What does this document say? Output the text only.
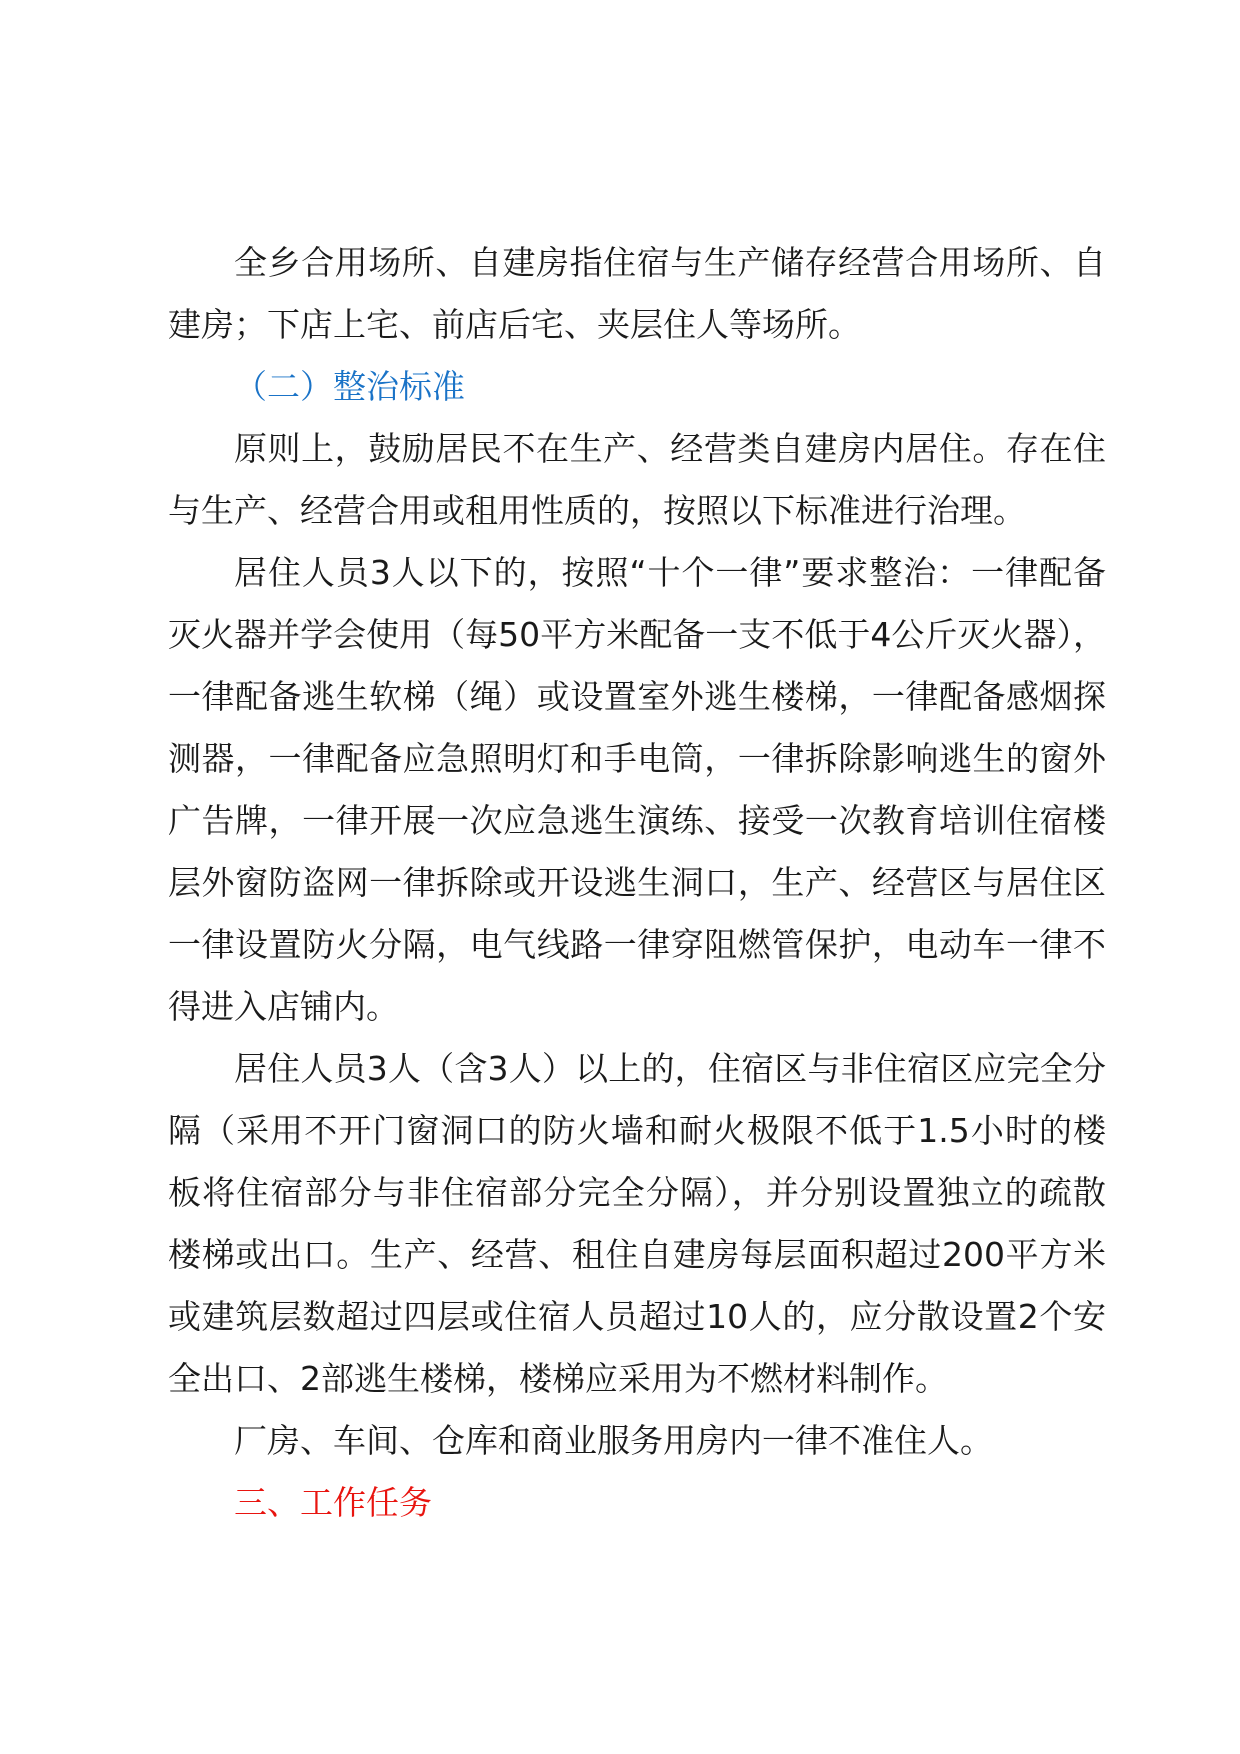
全乡合用场所、自建房指住宿与生产储存经营合用场所、自建房；下店上宅、前店后宅、夹层住人等场所。

（二）整治标准

原则上，鼓励居民不在生产、经营类自建房内居住。存在住与生产、经营合用或租用性质的，按照以下标准进行治理。

居住人员3人以下的，按照“十个一律”要求整治：一律配备灭火器并学会使用（每50平方米配备一支不低于4公斤灭火器），一律配备逃生软梯（绳）或设置室外逃生楼梯，一律配备感烟探测器，一律配备应急照明灯和手电筒，一律拆除影响逃生的窗外广告牌，一律开展一次应急逃生演练、接受一次教育培训住宿楼层外窗防盗网一律拆除或开设逃生洞口，生产、经营区与居住区一律设置防火分隔，电气线路一律穿阻燃管保护，电动车一律不得进入店铺内。

居住人员3人（含3人）以上的，住宿区与非住宿区应完全分隔（采用不开门窗洞口的防火墙和耐火极限不低于1.5小时的楼板将住宿部分与非住宿部分完全分隔），并分别设置独立的疏散楼梯或出口。生产、经营、租住自建房每层面积超过200平方米或建筑层数超过四层或住宿人员超过10人的，应分散设置2个安全出口、2部逃生楼梯，楼梯应采用为不燃材料制作。

厂房、车间、仓库和商业服务用房内一律不准住人。

三、工作任务
